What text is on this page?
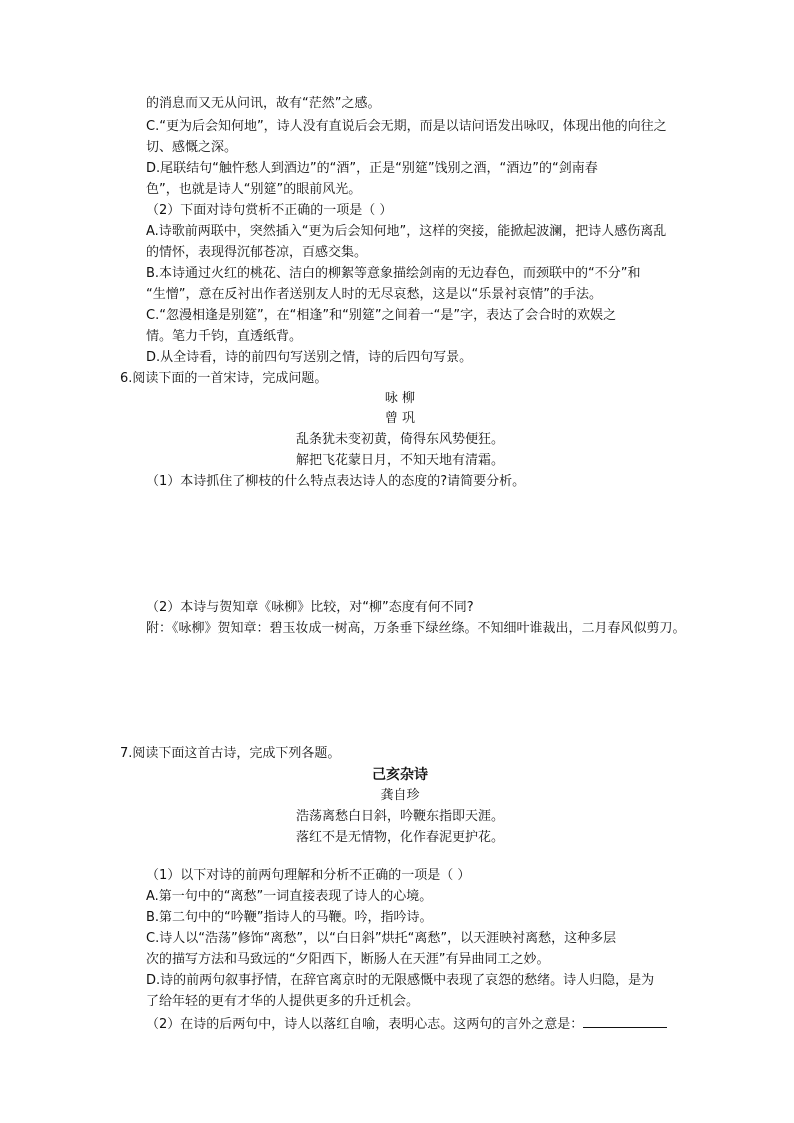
的消息而又无从问讯，故有“茫然”之感。
C.“更为后会知何地”，诗人没有直说后会无期，而是以诘问语发出咏叹，体现出他的向往之
切、感慨之深。
D.尾联结句“触忤愁人到酒边”的“酒”，正是“别筵”饯别之酒，“酒边”的“剑南春
色”，也就是诗人“别筵”的眼前风光。
（2）下面对诗句赏析不正确的一项是（ ）
A.诗歌前两联中，突然插入“更为后会知何地”，这样的突接，能掀起波澜，把诗人感伤离乱
的情怀，表现得沉郁苍凉，百感交集。
B.本诗通过火红的桃花、洁白的柳絮等意象描绘剑南的无边春色，而颈联中的“不分”和
“生憎”，意在反衬出作者送别友人时的无尽哀愁，这是以“乐景衬哀情”的手法。
C.“忽漫相逢是别筵”，在“相逢”和“别筵”之间着一“是”字，表达了会合时的欢娱之
情。笔力千钧，直透纸背。
D.从全诗看，诗的前四句写送别之情，诗的后四句写景。
6.阅读下面的一首宋诗，完成问题。
咏 柳
曾 巩
乱条犹未变初黄，倚得东风势便狂。
解把飞花蒙日月，不知天地有清霜。
（1）本诗抓住了柳枝的什么特点表达诗人的态度的?请简要分析。
（2）本诗与贺知章《咏柳》比较，对“柳”态度有何不同?
附：《咏柳》贺知章：碧玉妆成一树高，万条垂下绿丝绦。不知细叶谁裁出，二月春风似剪刀。
7.阅读下面这首古诗，完成下列各题。
己亥杂诗
龚自珍
浩荡离愁白日斜，吟鞭东指即天涯。
落红不是无情物，化作春泥更护花。
（1）以下对诗的前两句理解和分析不正确的一项是（ ）
A.第一句中的“离愁”一词直接表现了诗人的心境。
B.第二句中的“吟鞭”指诗人的马鞭。吟，指吟诗。
C.诗人以“浩荡”修饰“离愁”，以“白日斜”烘托“离愁”，以天涯映衬离愁，这种多层
次的描写方法和马致远的“夕阳西下，断肠人在天涯”有异曲同工之妙。
D.诗的前两句叙事抒情，在辞官离京时的无限感慨中表现了哀怨的愁绪。诗人归隐，是为
了给年轻的更有才华的人提供更多的升迁机会。
（2）在诗的后两句中，诗人以落红自喻，表明心志。这两句的言外之意是：
